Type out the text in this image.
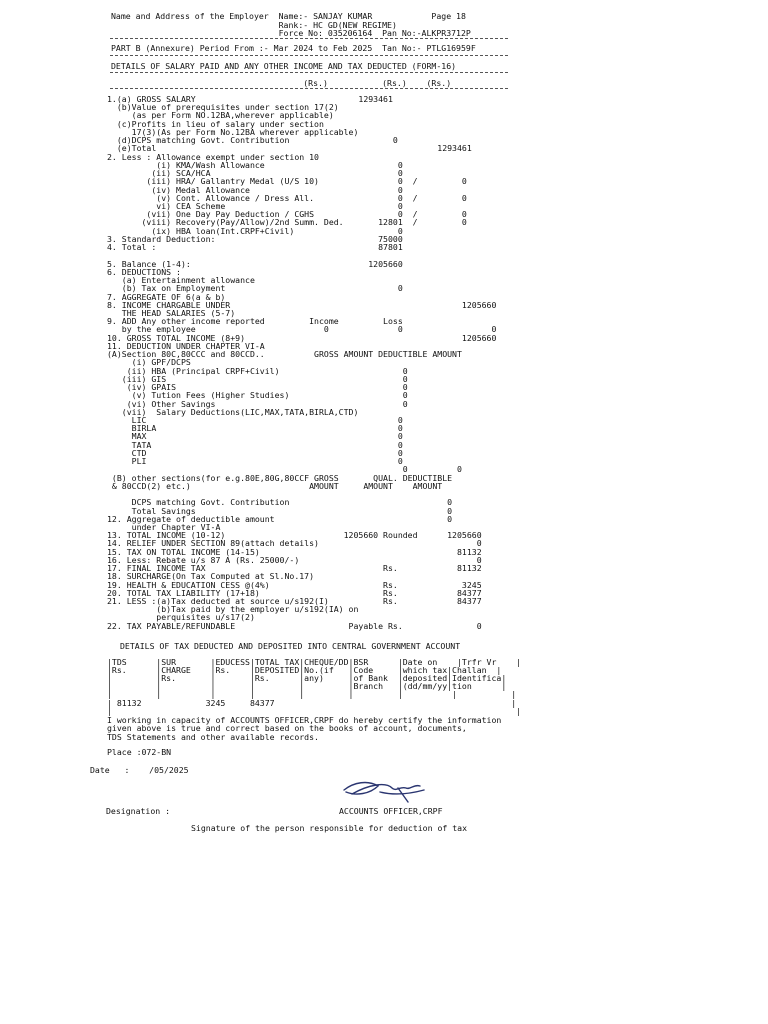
Name and Address of the Employer  Name:- SANJAY KUMAR            Page 18
Rank:- HC GD(NEW REGIME)
Force No: 035206164  Pan No:-ALKPR3712P
PART B (Annexure) Period From :- Mar 2024 to Feb 2025  Tan No:- PTLG16959F
DETAILS OF SALARY PAID AND ANY OTHER INCOME AND TAX DEDUCTED (FORM-16)
(Rs.)           (Rs.)    (Rs.)
1.(a) GROSS SALARY                                 1293461
(b)Value of prerequisites under section 17(2)
(as per Form NO.12BA,wherever applicable)
(c)Profits in lieu of salary under section
17(3)(As per Form No.12BA wherever applicable)
(d)DCPS matching Govt. Contribution                     0
(e)Total                                                         1293461
2. Less : Allowance exempt under section 10
(i) KMA/Wash Allowance                           0
(ii) SCA/HCA                                      0
(iii) HRA/ Gallantry Medal (U/S 10)                0  /         0
(iv) Medal Allowance                              0
(v) Cont. Allowance / Dress All.                 0  /         0
vi) CEA Scheme                                   0
(vii) One Day Pay Deduction / CGHS                 0  /         0
(viii) Recovery(Pay/Allow)/2nd Summ. Ded.       12801  /         0
(ix) HBA loan(Int.CRPF+Civil)                     0
3. Standard Deduction:                                 75000
4. Total :                                             87801
5. Balance (1-4):                                    1205660
6. DEDUCTIONS :
(a) Entertainment allowance
(b) Tax on Employment                                   0
7. AGGREGATE OF 6(a & b)
8. INCOME CHARGABLE UNDER                                               1205660
THE HEAD SALARIES (5-7)
9. ADD Any other income reported         Income         Loss
by the employee                          0              0                  0
10. GROSS TOTAL INCOME (8+9)                                            1205660
11. DEDUCTION UNDER CHAPTER VI-A
(A)Section 80C,80CCC and 80CCD..          GROSS AMOUNT DEDUCTIBLE AMOUNT
(i) GPF/DCPS
(ii) HBA (Principal CRPF+Civil)                         0
(iii) GIS                                                0
(iv) GPAIS                                              0
(v) Tution Fees (Higher Studies)                       0
(vi) Other Savings                                      0
(vii)  Salary Deductions(LIC,MAX,TATA,BIRLA,CTD)
LIC                                                   0
BIRLA                                                 0
MAX                                                   0
TATA                                                  0
CTD                                                   0
PLI                                                   0
0          0
(B) other sections(for e.g.80E,80G,80CCF GROSS       QUAL. DEDUCTIBLE
& 80CCD(2) etc.)                        AMOUNT     AMOUNT    AMOUNT
DCPS matching Govt. Contribution                                0
Total Savings                                                   0
12. Aggregate of deductible amount                                   0
under Chapter VI-A
13. TOTAL INCOME (10-12)                        1205660 Rounded      1205660
14. RELIEF UNDER SECTION 89(attach details)                                0
15. TAX ON TOTAL INCOME (14-15)                                        81132
16. Less: Rebate u/s 87 A (Rs. 25000/-)                                    0
17. FINAL INCOME TAX                                    Rs.            81132
18. SURCHARGE(On Tax Computed at Sl.No.17)
19. HEALTH & EDUCATION CESS @(4%)                       Rs.             3245
20. TOTAL TAX LIABILITY (17+18)                         Rs.            84377
21. LESS :(a)Tax deducted at source u/s192(I)           Rs.            84377
(b)Tax paid by the employer u/s192(IA) on
perquisites u/s17(2)
22. TAX PAYABLE/REFUNDABLE                       Payable Rs.               0
DETAILS OF TAX DEDUCTED AND DEPOSITED INTO CENTRAL GOVERNMENT ACCOUNT
|TDS      |SUR       |EDUCESS|TOTAL TAX|CHEQUE/DD|BSR      |Date on    |Trfr Vr    |
|Rs.      |CHARGE    |Rs.    |DEPOSITED|No.(if   |Code     |which tax|Challan  |
|         |Rs.       |       |Rs.      |any)     |of Bank  |deposited|Identifica|
|         |          |       |         |         |Branch   |(dd/mm/yy|tion      |
|         |          |       |         |         |         |          |           |
| 81132             3245     84377                                                |
|                                                                                  |
I working in capacity of ACCOUNTS OFFICER,CRPF do hereby certify the information
given above is true and correct based on the books of account, documents,
TDS Statements and other available records.
Place :072-BN
Date   :    /05/2025
Designation :	ACCOUNTS OFFICER,CRPF
Signature of the person responsible for deduction of tax
